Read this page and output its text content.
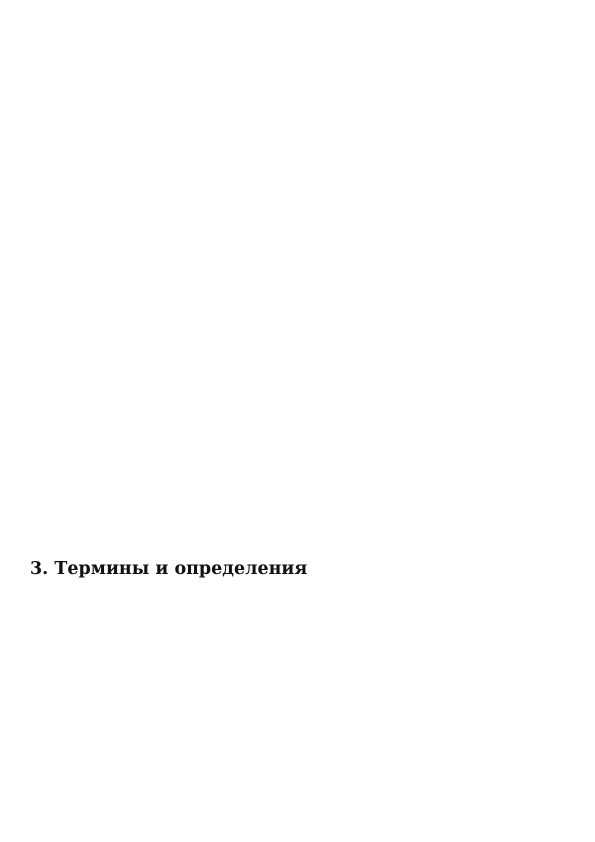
3. Термины и определения
